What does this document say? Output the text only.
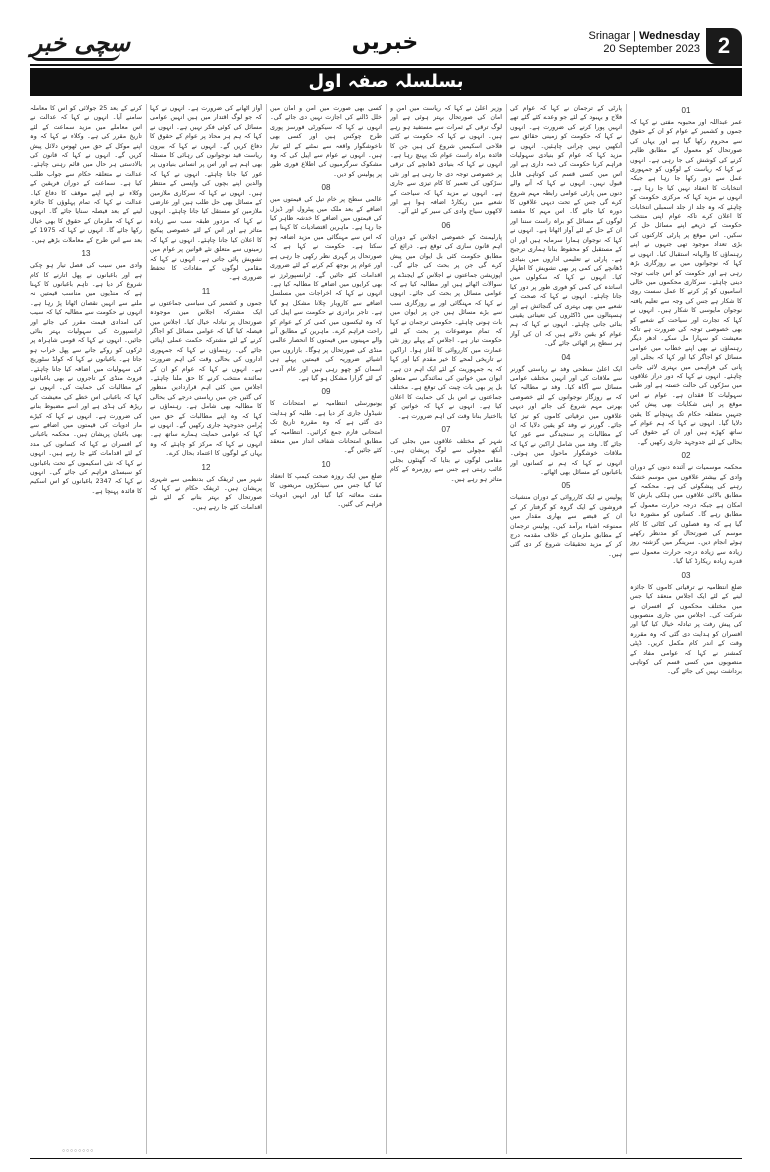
سچی خبر	خبریں	Srinagar | Wednesday
20 September 2023 2
بسلسلہ صفہ اول
01

عمر عبداللہ اور محبوبہ مفتی نے کہا کہ جموں و کشمیر کے عوام کو ان کے حقوق سے محروم رکھا گیا ہے اور یہاں کی صورتحال کو معمول کے مطابق ظاہر کرنے کی کوشش کی جا رہی ہے۔ انہوں نے کہا کہ ریاست کے لوگوں کو جمہوری عمل سے دور رکھا جا رہا ہے جبکہ انتخابات کا انعقاد نہیں کیا جا رہا ہے۔ انہوں نے مزید کہا کہ مرکزی حکومت کو چاہئے کہ وہ جلد از جلد اسمبلی انتخابات کا اعلان کرے تاکہ عوام اپنی منتخب حکومت کے ذریعے اپنے مسائل حل کر سکیں۔ اس موقع پر پارٹی کارکنوں کی بڑی تعداد موجود تھی جنہوں نے اپنے رہنماؤں کا والہانہ استقبال کیا۔ انہوں نے کہا کہ نوجوانوں میں بے روزگاری بڑھ رہی ہے اور حکومت کو اس جانب توجہ دینی چاہئے۔ سرکاری محکموں میں خالی اسامیوں کو پُر کرنے کا عمل سست روی کا شکار ہے جس کی وجہ سے تعلیم یافتہ نوجوان مایوسی کا شکار ہیں۔ انہوں نے کہا کہ تجارت اور سیاحت کے شعبے کو بھی خصوصی توجہ کی ضرورت ہے تاکہ معیشت کو سہارا مل سکے۔ ادھر دیگر رہنماؤں نے بھی اپنے خطاب میں عوامی مسائل کو اجاگر کیا اور کہا کہ بجلی اور پانی کی فراہمی میں بہتری لائی جانی چاہئے۔ انہوں نے کہا کہ دور دراز علاقوں میں سڑکوں کی حالت خستہ ہے اور طبی سہولیات کا فقدان ہے۔ عوام نے اس موقع پر اپنی شکایات بھی پیش کیں جنہیں متعلقہ حکام تک پہنچانے کا یقین دلایا گیا۔ انہوں نے کہا کہ ہم عوام کے ساتھ کھڑے ہیں اور ان کے حقوق کی بحالی کے لئے جدوجہد جاری رکھیں گے۔

02

محکمہ موسمیات نے آئندہ دنوں کے دوران وادی کے بیشتر علاقوں میں موسم خشک رہنے کی پیشگوئی کی ہے۔ محکمہ کے مطابق بالائی علاقوں میں ہلکی بارش کا امکان ہے جبکہ درجہ حرارت معمول کے مطابق رہے گا۔ کسانوں کو مشورہ دیا گیا ہے کہ وہ فصلوں کی کٹائی کا کام موسم کی صورتحال کو مدنظر رکھتے ہوئے انجام دیں۔ سرینگر میں گزشتہ روز زیادہ سے زیادہ درجہ حرارت معمول سے قدرے زیادہ ریکارڈ کیا گیا۔

03

ضلع انتظامیہ نے ترقیاتی کاموں کا جائزہ لینے کے لئے ایک اجلاس منعقد کیا جس میں مختلف محکموں کے افسران نے شرکت کی۔ اجلاس میں جاری منصوبوں کی پیش رفت پر تبادلہ خیال کیا گیا اور افسران کو ہدایت دی گئی کہ وہ مقررہ وقت کے اندر کام مکمل کریں۔ ڈپٹی کمشنر نے کہا کہ عوامی مفاد کے منصوبوں میں کسی قسم کی کوتاہی برداشت نہیں کی جائے گی۔

پارٹی کے ترجمان نے کہا کہ عوام کی فلاح و بہبود کے لئے جو وعدے کئے گئے تھے انہیں پورا کرنے کی ضرورت ہے۔ انہوں نے کہا کہ حکومت کو زمینی حقائق سے آنکھیں نہیں چرانی چاہئیں۔ انہوں نے مزید کہا کہ عوام کو بنیادی سہولیات فراہم کرنا حکومت کی ذمہ داری ہے اور اس میں کسی قسم کی کوتاہی قابل قبول نہیں۔ انہوں نے کہا کہ آنے والے دنوں میں پارٹی عوامی رابطہ مہم شروع کرے گی جس کے تحت دیہی علاقوں کا دورہ کیا جائے گا۔ اس مہم کا مقصد لوگوں کے مسائل کو براہ راست سننا اور ان کے حل کے لئے آواز اٹھانا ہے۔ انہوں نے کہا کہ نوجوان ہمارا سرمایہ ہیں اور ان کے مستقبل کو محفوظ بنانا ہماری ترجیح ہے۔ پارٹی نے تعلیمی اداروں میں بنیادی ڈھانچے کی کمی پر بھی تشویش کا اظہار کیا۔ انہوں نے کہا کہ سکولوں میں اساتذہ کی کمی کو فوری طور پر دور کیا جانا چاہئے۔ انہوں نے کہا کہ صحت کے شعبے میں بھی بہتری کی گنجائش ہے اور ہسپتالوں میں ڈاکٹروں کی تعیناتی یقینی بنائی جانی چاہئے۔ انہوں نے کہا کہ ہم عوام کو یقین دلاتے ہیں کہ ان کی آواز ہر سطح پر اٹھائی جائے گی۔

04

ایک اعلیٰ سطحی وفد نے ریاستی گورنر سے ملاقات کی اور انہیں مختلف عوامی مسائل سے آگاہ کیا۔ وفد نے مطالبہ کیا کہ بے روزگار نوجوانوں کے لئے خصوصی بھرتی مہم شروع کی جائے اور دیہی علاقوں میں ترقیاتی کاموں کو تیز کیا جائے۔ گورنر نے وفد کو یقین دلایا کہ ان کے مطالبات پر سنجیدگی سے غور کیا جائے گا۔ وفد میں شامل اراکین نے کہا کہ ملاقات خوشگوار ماحول میں ہوئی۔ انہوں نے کہا کہ ہم نے کسانوں اور باغبانوں کے مسائل بھی اٹھائے۔

05

پولیس نے ایک کارروائی کے دوران منشیات فروشوں کے ایک گروہ کو گرفتار کر کے ان کے قبضے سے بھاری مقدار میں ممنوعہ اشیاء برآمد کیں۔ پولیس ترجمان کے مطابق ملزمان کے خلاف مقدمہ درج کر کے مزید تحقیقات شروع کر دی گئی ہیں۔

وزیر اعلیٰ نے کہا کہ ریاست میں امن و امان کی صورتحال بہتر ہوئی ہے اور لوگ ترقی کے ثمرات سے مستفید ہو رہے ہیں۔ انہوں نے کہا کہ حکومت نے کئی فلاحی اسکیمیں شروع کی ہیں جن کا فائدہ براہ راست عوام تک پہنچ رہا ہے۔ انہوں نے کہا کہ بنیادی ڈھانچے کی ترقی پر خصوصی توجہ دی جا رہی ہے اور نئی سڑکوں کی تعمیر کا کام تیزی سے جاری ہے۔ انہوں نے مزید کہا کہ سیاحت کے شعبے میں ریکارڈ اضافہ ہوا ہے اور لاکھوں سیاح وادی کی سیر کے لئے آئے۔

06

پارلیمنٹ کے خصوصی اجلاس کے دوران اہم قانون سازی کی توقع ہے۔ ذرائع کے مطابق حکومت کئی بل ایوان میں پیش کرے گی جن پر بحث کی جائے گی۔ اپوزیشن جماعتوں نے اجلاس کے ایجنڈے پر سوالات اٹھائے ہیں اور مطالبہ کیا ہے کہ عوامی مسائل پر بحث کی جائے۔ انہوں نے کہا کہ مہنگائی اور بے روزگاری سب سے بڑے مسائل ہیں جن پر ایوان میں بات ہونی چاہئے۔ حکومتی ترجمان نے کہا کہ تمام موضوعات پر بحث کے لئے حکومت تیار ہے۔ اجلاس کے پہلے روز نئی عمارت میں کارروائی کا آغاز ہوا۔ اراکین نے تاریخی لمحے کا خیر مقدم کیا اور کہا کہ یہ جمہوریت کے لئے ایک اہم دن ہے۔ ایوان میں خواتین کی نمائندگی سے متعلق بل پر بھی بات چیت کی توقع ہے۔ مختلف جماعتوں نے اس بل کی حمایت کا اعلان کیا ہے۔ انہوں نے کہا کہ خواتین کو بااختیار بنانا وقت کی اہم ضرورت ہے۔

07

شہر کے مختلف علاقوں میں بجلی کی آنکھ مچولی سے لوگ پریشان ہیں۔ مقامی لوگوں نے بتایا کہ گھنٹوں بجلی غائب رہتی ہے جس سے روزمرہ کے کام متاثر ہو رہے ہیں۔

کسی بھی صورت میں امن و امان میں خلل ڈالنے کی اجازت نہیں دی جائے گی۔ انہوں نے کہا کہ سیکورٹی فورسز پوری طرح چوکس ہیں اور کسی بھی ناخوشگوار واقعہ سے نمٹنے کے لئے تیار ہیں۔ انہوں نے عوام سے اپیل کی کہ وہ مشکوک سرگرمیوں کی اطلاع فوری طور پر پولیس کو دیں۔

08

عالمی سطح پر خام تیل کی قیمتوں میں اضافے کے بعد ملک میں پیٹرول اور ڈیزل کی قیمتوں میں اضافے کا خدشہ ظاہر کیا جا رہا ہے۔ ماہرین اقتصادیات کا کہنا ہے کہ اس سے مہنگائی میں مزید اضافہ ہو سکتا ہے۔ حکومت نے کہا ہے کہ صورتحال پر گہری نظر رکھی جا رہی ہے اور عوام پر بوجھ کم کرنے کے لئے ضروری اقدامات کئے جائیں گے۔ ٹرانسپورٹرز نے بھی کرایوں میں اضافے کا مطالبہ کیا ہے۔ انہوں نے کہا کہ اخراجات میں مسلسل اضافے سے کاروبار چلانا مشکل ہو گیا ہے۔ تاجر برادری نے حکومت سے اپیل کی کہ وہ ٹیکسوں میں کمی کر کے عوام کو راحت فراہم کرے۔ ماہرین کے مطابق آنے والے مہینوں میں قیمتوں کا انحصار عالمی منڈی کی صورتحال پر ہوگا۔ بازاروں میں اشیائے ضروریہ کی قیمتیں پہلے ہی آسمان کو چھو رہی ہیں اور عام آدمی کے لئے گزارا مشکل ہو گیا ہے۔

09

یونیورسٹی انتظامیہ نے امتحانات کا شیڈول جاری کر دیا ہے۔ طلبہ کو ہدایت دی گئی ہے کہ وہ مقررہ تاریخ تک امتحانی فارم جمع کرائیں۔ انتظامیہ کے مطابق امتحانات شفاف انداز میں منعقد کئے جائیں گے۔

10

ضلع میں ایک روزہ صحت کیمپ کا انعقاد کیا گیا جس میں سینکڑوں مریضوں کا مفت معائنہ کیا گیا اور انہیں ادویات فراہم کی گئیں۔

آواز اٹھانے کی ضرورت ہے۔ انہوں نے کہا کہ جو لوگ اقتدار میں ہیں انہیں عوامی مسائل کی کوئی فکر نہیں ہے۔ انہوں نے کہا کہ ہم ہر محاذ پر عوام کے حقوق کا دفاع کریں گے۔ انہوں نے کہا کہ بیرون ریاست قید نوجوانوں کی رہائی کا مسئلہ بھی اہم ہے اور اس پر انسانی بنیادوں پر غور کیا جانا چاہئے۔ انہوں نے کہا کہ والدین اپنے بچوں کی واپسی کے منتظر ہیں۔ انہوں نے کہا کہ سرکاری ملازمین کے مسائل بھی حل طلب ہیں اور عارضی ملازمین کو مستقل کیا جانا چاہئے۔ انہوں نے کہا کہ مزدور طبقہ سب سے زیادہ متاثر ہے اور اس کے لئے خصوصی پیکیج کا اعلان کیا جانا چاہئے۔ انہوں نے کہا کہ زمینوں سے متعلق نئے قوانین پر عوام میں تشویش پائی جاتی ہے۔ انہوں نے کہا کہ مقامی لوگوں کے مفادات کا تحفظ ضروری ہے۔

11

جموں و کشمیر کی سیاسی جماعتوں نے ایک مشترکہ اجلاس میں موجودہ صورتحال پر تبادلہ خیال کیا۔ اجلاس میں فیصلہ کیا گیا کہ عوامی مسائل کو اجاگر کرنے کے لئے مشترکہ حکمت عملی اپنائی جائے گی۔ رہنماؤں نے کہا کہ جمہوری اداروں کی بحالی وقت کی اہم ضرورت ہے۔ انہوں نے کہا کہ عوام کو ان کے نمائندے منتخب کرنے کا حق ملنا چاہئے۔ اجلاس میں کئی اہم قراردادیں منظور کی گئیں جن میں ریاستی درجے کی بحالی کا مطالبہ بھی شامل ہے۔ رہنماؤں نے کہا کہ وہ اپنے مطالبات کے حق میں پُرامن جدوجہد جاری رکھیں گے۔ انہوں نے کہا کہ عوامی حمایت ہمارے ساتھ ہے۔ انہوں نے کہا کہ مرکز کو چاہئے کہ وہ یہاں کے لوگوں کا اعتماد بحال کرے۔

12

شہر میں ٹریفک کی بدنظمی سے شہری پریشان ہیں۔ ٹریفک حکام نے کہا کہ صورتحال کو بہتر بنانے کے لئے نئے اقدامات کئے جا رہے ہیں۔

کرنے کے بعد 25 جولائی کو اس کا معاملہ سامنے آیا۔ انہوں نے کہا کہ عدالت نے اس معاملے میں مزید سماعت کے لئے تاریخ مقرر کی ہے۔ وکلاء نے کہا کہ وہ اپنے موکل کے حق میں ٹھوس دلائل پیش کریں گے۔ انہوں نے کہا کہ قانون کی بالادستی ہر حال میں قائم رہنی چاہئے۔ عدالت نے متعلقہ حکام سے جواب طلب کیا ہے۔ سماعت کے دوران فریقین کے وکلاء نے اپنے اپنے موقف کا دفاع کیا۔ عدالت نے کہا کہ تمام پہلوؤں کا جائزہ لینے کے بعد فیصلہ سنایا جائے گا۔ انہوں نے کہا کہ ملزمان کے حقوق کا بھی خیال رکھا جائے گا۔ انہوں نے کہا کہ 1975 کے بعد سے اس طرح کے معاملات بڑھے ہیں۔

13

وادی میں سیب کی فصل تیار ہو چکی ہے اور باغبانوں نے پھل اتارنے کا کام شروع کر دیا ہے۔ تاہم باغبانوں کا کہنا ہے کہ منڈیوں میں مناسب قیمتیں نہ ملنے سے انہیں نقصان اٹھانا پڑ رہا ہے۔ انہوں نے حکومت سے مطالبہ کیا کہ سیب کی امدادی قیمت مقرر کی جائے اور ٹرانسپورٹ کی سہولیات بہتر بنائی جائیں۔ انہوں نے کہا کہ قومی شاہراہ پر ٹرکوں کو روکے جانے سے پھل خراب ہو جاتا ہے۔ باغبانوں نے کہا کہ کولڈ سٹوریج کی سہولیات میں اضافہ کیا جانا چاہئے۔ فروٹ منڈی کے تاجروں نے بھی باغبانوں کے مطالبات کی حمایت کی۔ انہوں نے کہا کہ باغبانی اس خطے کی معیشت کی ریڑھ کی ہڈی ہے اور اسے مضبوط بنانے کی ضرورت ہے۔ انہوں نے کہا کہ کیڑے مار ادویات کی قیمتوں میں اضافے سے بھی باغبان پریشان ہیں۔ محکمہ باغبانی کے افسران نے کہا کہ کسانوں کی مدد کے لئے اقدامات کئے جا رہے ہیں۔ انہوں نے کہا کہ نئی اسکیموں کے تحت باغبانوں کو سبسڈی فراہم کی جائے گی۔ انہوں نے کہا کہ 2347 باغبانوں کو اس اسکیم کا فائدہ پہنچا ہے۔

○○○○○○○○
